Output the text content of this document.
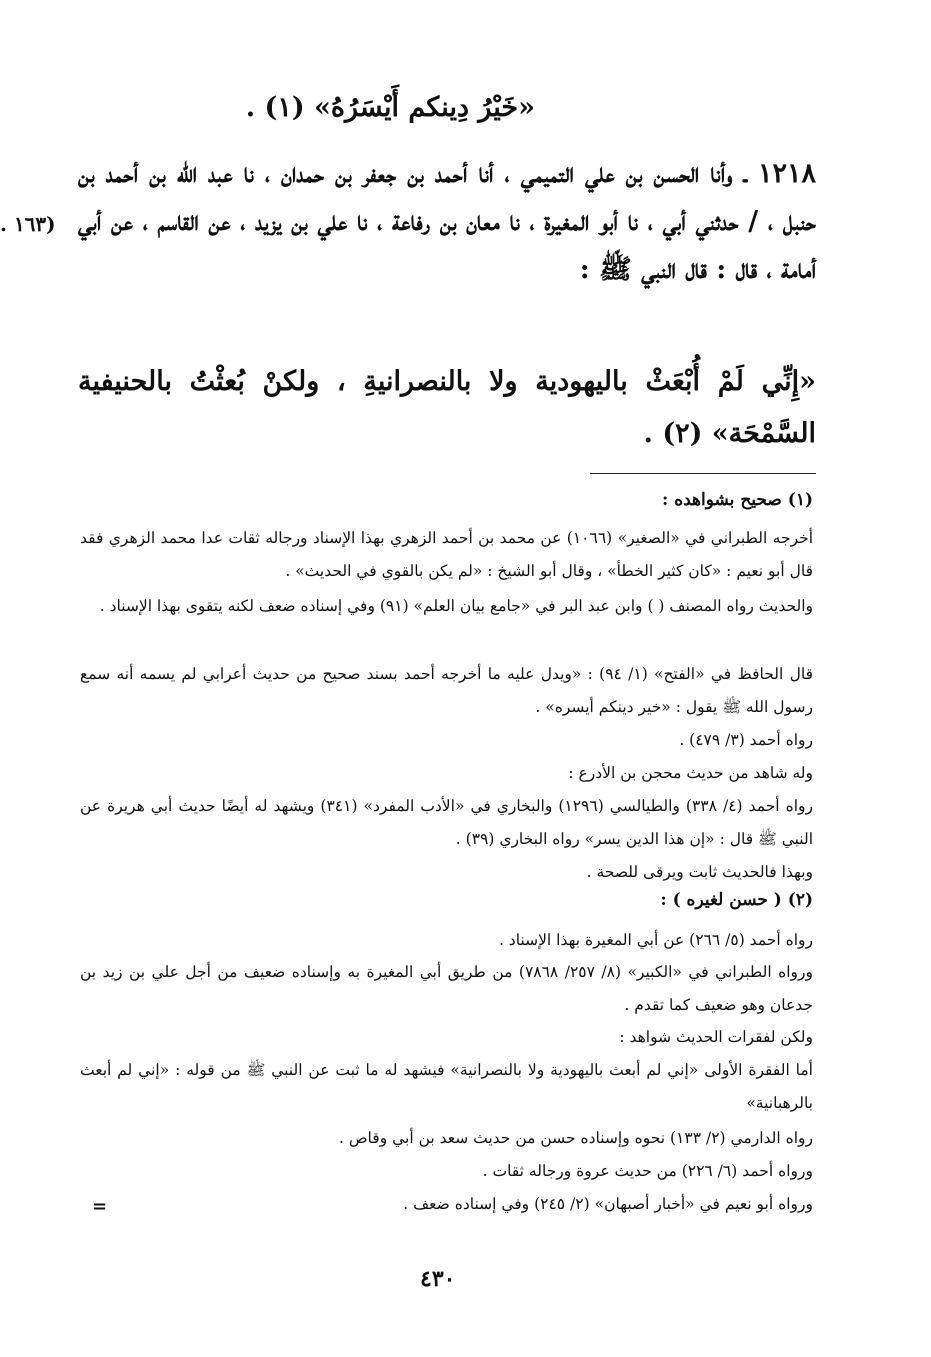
«خَيْرُ دِينكم أَيْسَرُهُ» (١) .
١٢١٨ ـ وأنا الحسن بن علي التميمي ، أنا أحمد بن جعفر بن حمدان ، نا عبد الله بن أحمد بن حنبل ، / حدثني أبي ، نا أبو المغيرة ، نا معان بن رفاعة ، نا علي بن يزيد ، عن القاسم ، عن أبي أمامة ، قال : قال النبي ﷺ :
(١٦٣ .
«إِنِّي لَمْ أُبْعَثْ باليهودية ولا بالنصرانيةِ ، ولكنْ بُعثْتُ بالحنيفية السَّمْحَة» (٢) .
(١) صحيح بشواهده :
أخرجه الطبراني في «الصغير» (١٠٦٦) عن محمد بن أحمد الزهري بهذا الإسناد ورجاله ثقات عدا محمد الزهري فقد قال أبو نعيم : «كان كثير الخطأ» ، وقال أبو الشيخ : «لم يكن بالقوي في الحديث» .
والحديث رواه المصنف ( ) وابن عبد البر في «جامع بيان العلم» (٩١) وفي إسناده ضعف لكنه يتقوى بهذا الإسناد .
قال الحافظ في «الفتح» (١/ ٩٤) : «ويدل عليه ما أخرجه أحمد بسند صحيح من حديث أعرابي لم يسمه أنه سمع رسول الله ﷺ يقول : «خير دينكم أيسره» .
رواه أحمد (٣/ ٤٧٩) .
وله شاهد من حديث محجن بن الأدرع :
رواه أحمد (٤/ ٣٣٨) والطيالسي (١٢٩٦) والبخاري في «الأدب المفرد» (٣٤١) ويشهد له أيضًا حديث أبي هريرة عن النبي ﷺ قال : «إن هذا الدين يسر» رواه البخاري (٣٩) .
وبهذا فالحديث ثابت ويرقى للصحة .
(٢) ( حسن لغيره ) :
رواه أحمد (٥/ ٢٦٦) عن أبي المغيرة بهذا الإسناد .
ورواه الطبراني في «الكبير» (٨/ ٢٥٧/ ٧٨٦٨) من طريق أبي المغيرة به وإسناده ضعيف من أجل علي بن زيد بن جدعان وهو ضعيف كما تقدم .
ولكن لفقرات الحديث شواهد :
أما الفقرة الأولى «إني لم أبعث باليهودية ولا بالنصرانية» فيشهد له ما ثبت عن النبي ﷺ من قوله : «إني لم أبعث بالرهبانية»
رواه الدارمي (٢/ ١٣٣) نحوه وإسناده حسن من حديث سعد بن أبي وقاص .
ورواه أحمد (٦/ ٢٢٦) من حديث عروة ورجاله ثقات .
ورواه أبو نعيم في «أخبار أصبهان» (٢/ ٢٤٥) وفي إسناده ضعف .
=
٤٣٠
